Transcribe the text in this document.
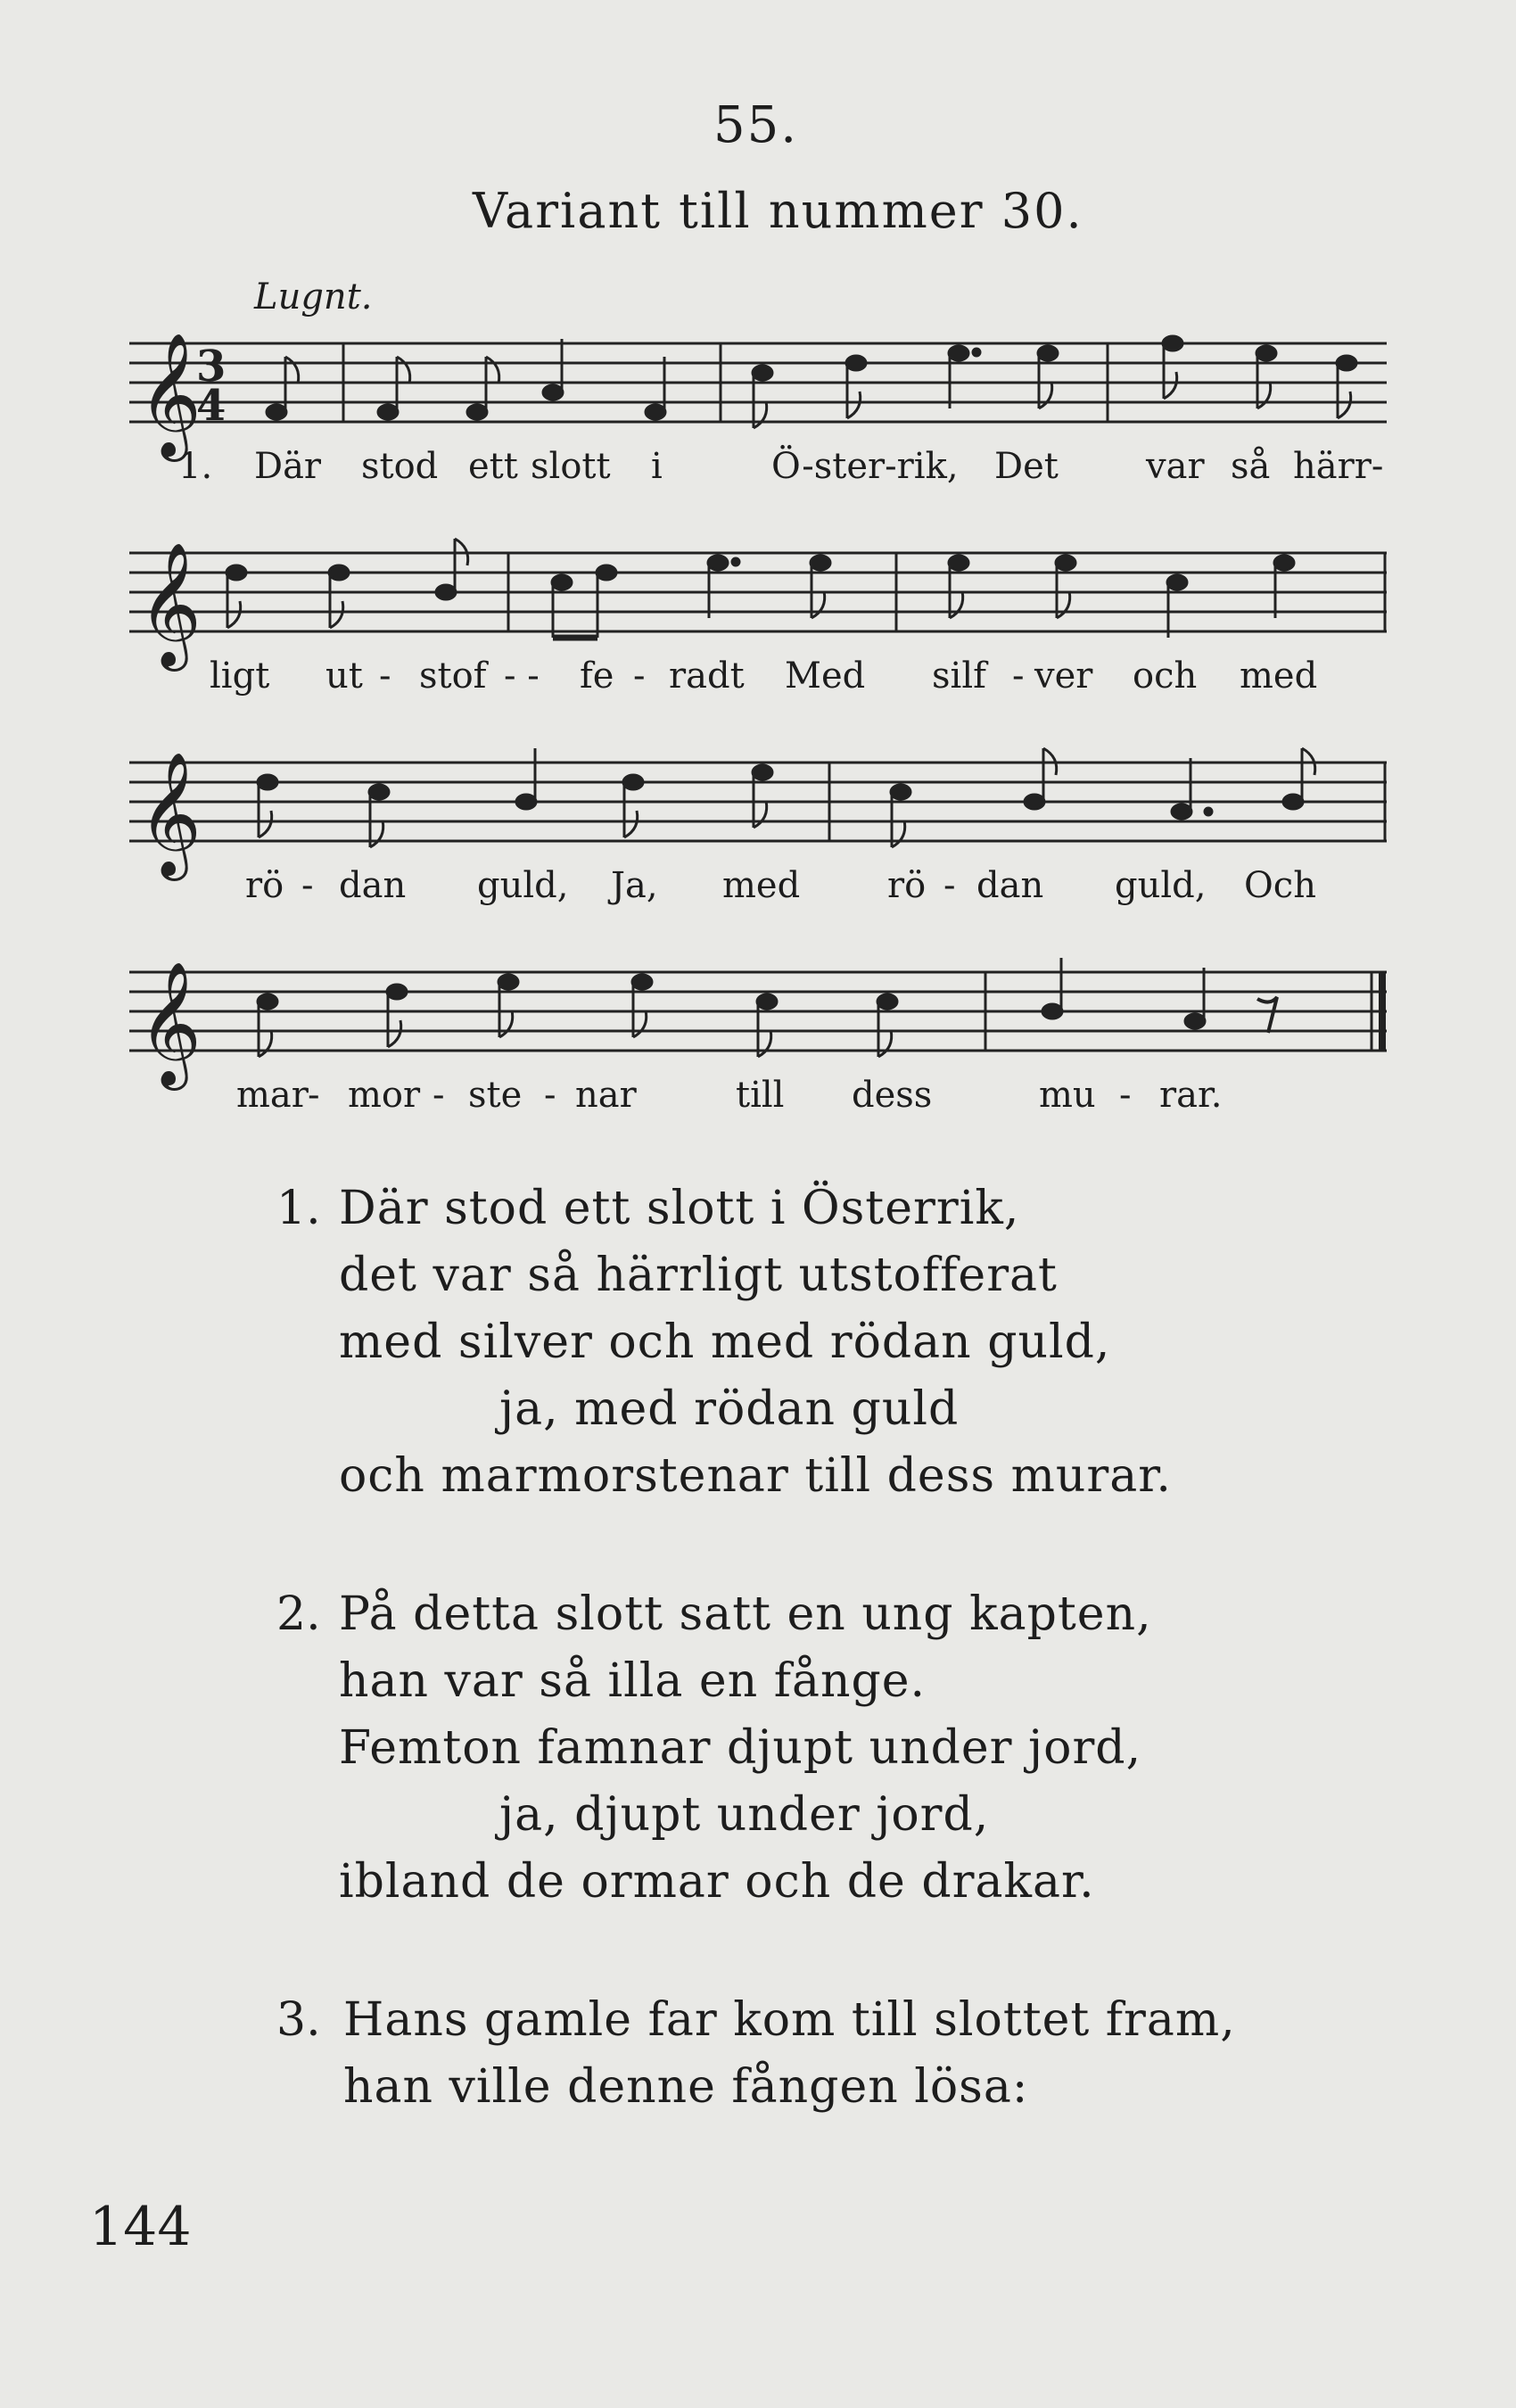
55.
Variant till nummer 30.
Lugnt.
𝄞
3
4
1. Där stod ett slott i	Ö-ster-rik, Det var så härr-
𝄞
ligt ut - stof - - fe - radt Med silf - ver och med
𝄞
rö - dan guld, Ja, med rö - dan guld, Och
𝄞
mar - mor - ste - nar	till dess	mu - rar.
1. Där stod ett slott i Österrik,
det var så härrligt utstofferat
med silver och med rödan guld,
ja, med rödan guld
och marmorstenar till dess murar.
2. På detta slott satt en ung kapten,
han var så illa en fånge.
Femton famnar djupt under jord,
ja, djupt under jord,
ibland de ormar och de drakar.
3. Hans gamle far kom till slottet fram,
han ville denne fången lösa:
144
